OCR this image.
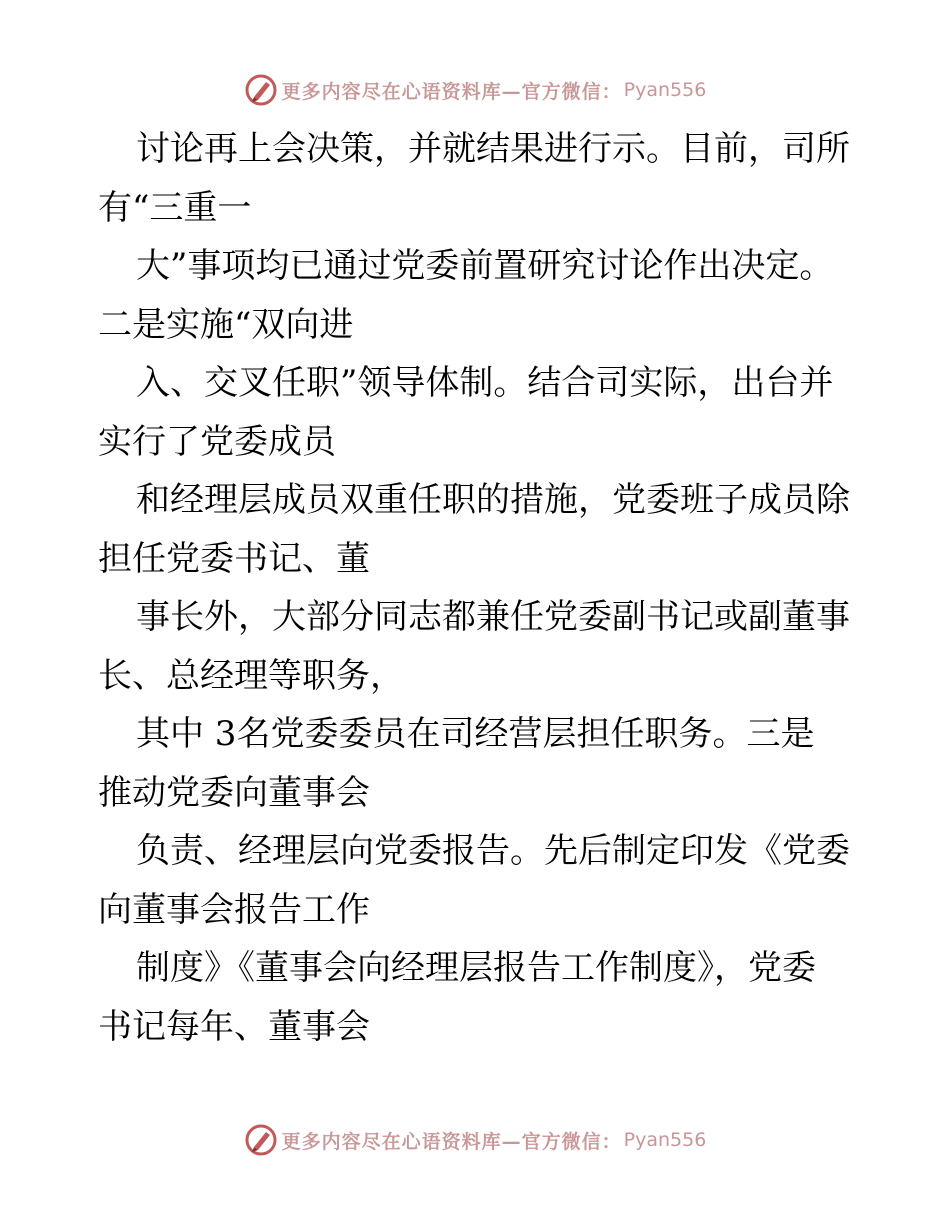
更多内容尽在心语资料库—官方微信： Pyan556
讨论再上会决策，并就结果进行示。目前，司所
有“三重一
大”事项均已通过党委前置研究讨论作出决定。
二是实施“双向进
入、交叉任职”领导体制。结合司实际，出台并
实行了党委成员
和经理层成员双重任职的措施，党委班子成员除
担任党委书记、董
事长外，大部分同志都兼任党委副书记或副董事
长、总经理等职务，
其中 3名党委委员在司经营层担任职务。三是
推动党委向董事会
负责、经理层向党委报告。先后制定印发《党委
向董事会报告工作
制度》《董事会向经理层报告工作制度》，党委
书记每年、董事会
更多内容尽在心语资料库—官方微信： Pyan556
